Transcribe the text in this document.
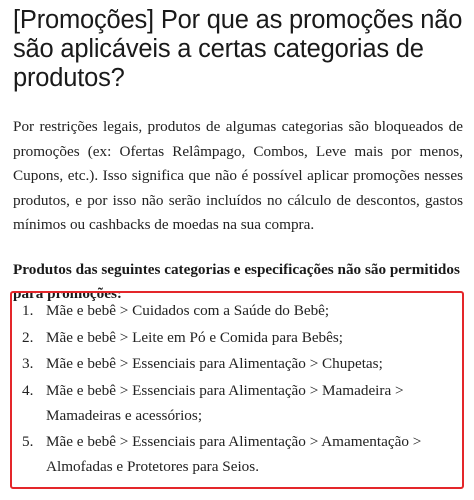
[Promoções] Por que as promoções não são aplicáveis a certas categorias de produtos?

Por restrições legais, produtos de algumas categorias são bloqueados de promoções (ex: Ofertas Relâmpago, Combos, Leve mais por menos, Cupons, etc.). Isso significa que não é possível aplicar promoções nesses produtos, e por isso não serão incluídos no cálculo de descontos, gastos mínimos ou cashbacks de moedas na sua compra.

Produtos das seguintes categorias e especificações não são permitidos para promoções:

1. Mãe e bebê > Cuidados com a Saúde do Bebê;
2. Mãe e bebê > Leite em Pó e Comida para Bebês;
3. Mãe e bebê > Essenciais para Alimentação > Chupetas;
4. Mãe e bebê > Essenciais para Alimentação > Mamadeira > Mamadeiras e acessórios;
5. Mãe e bebê > Essenciais para Alimentação > Amamentação > Almofadas e Protetores para Seios.
